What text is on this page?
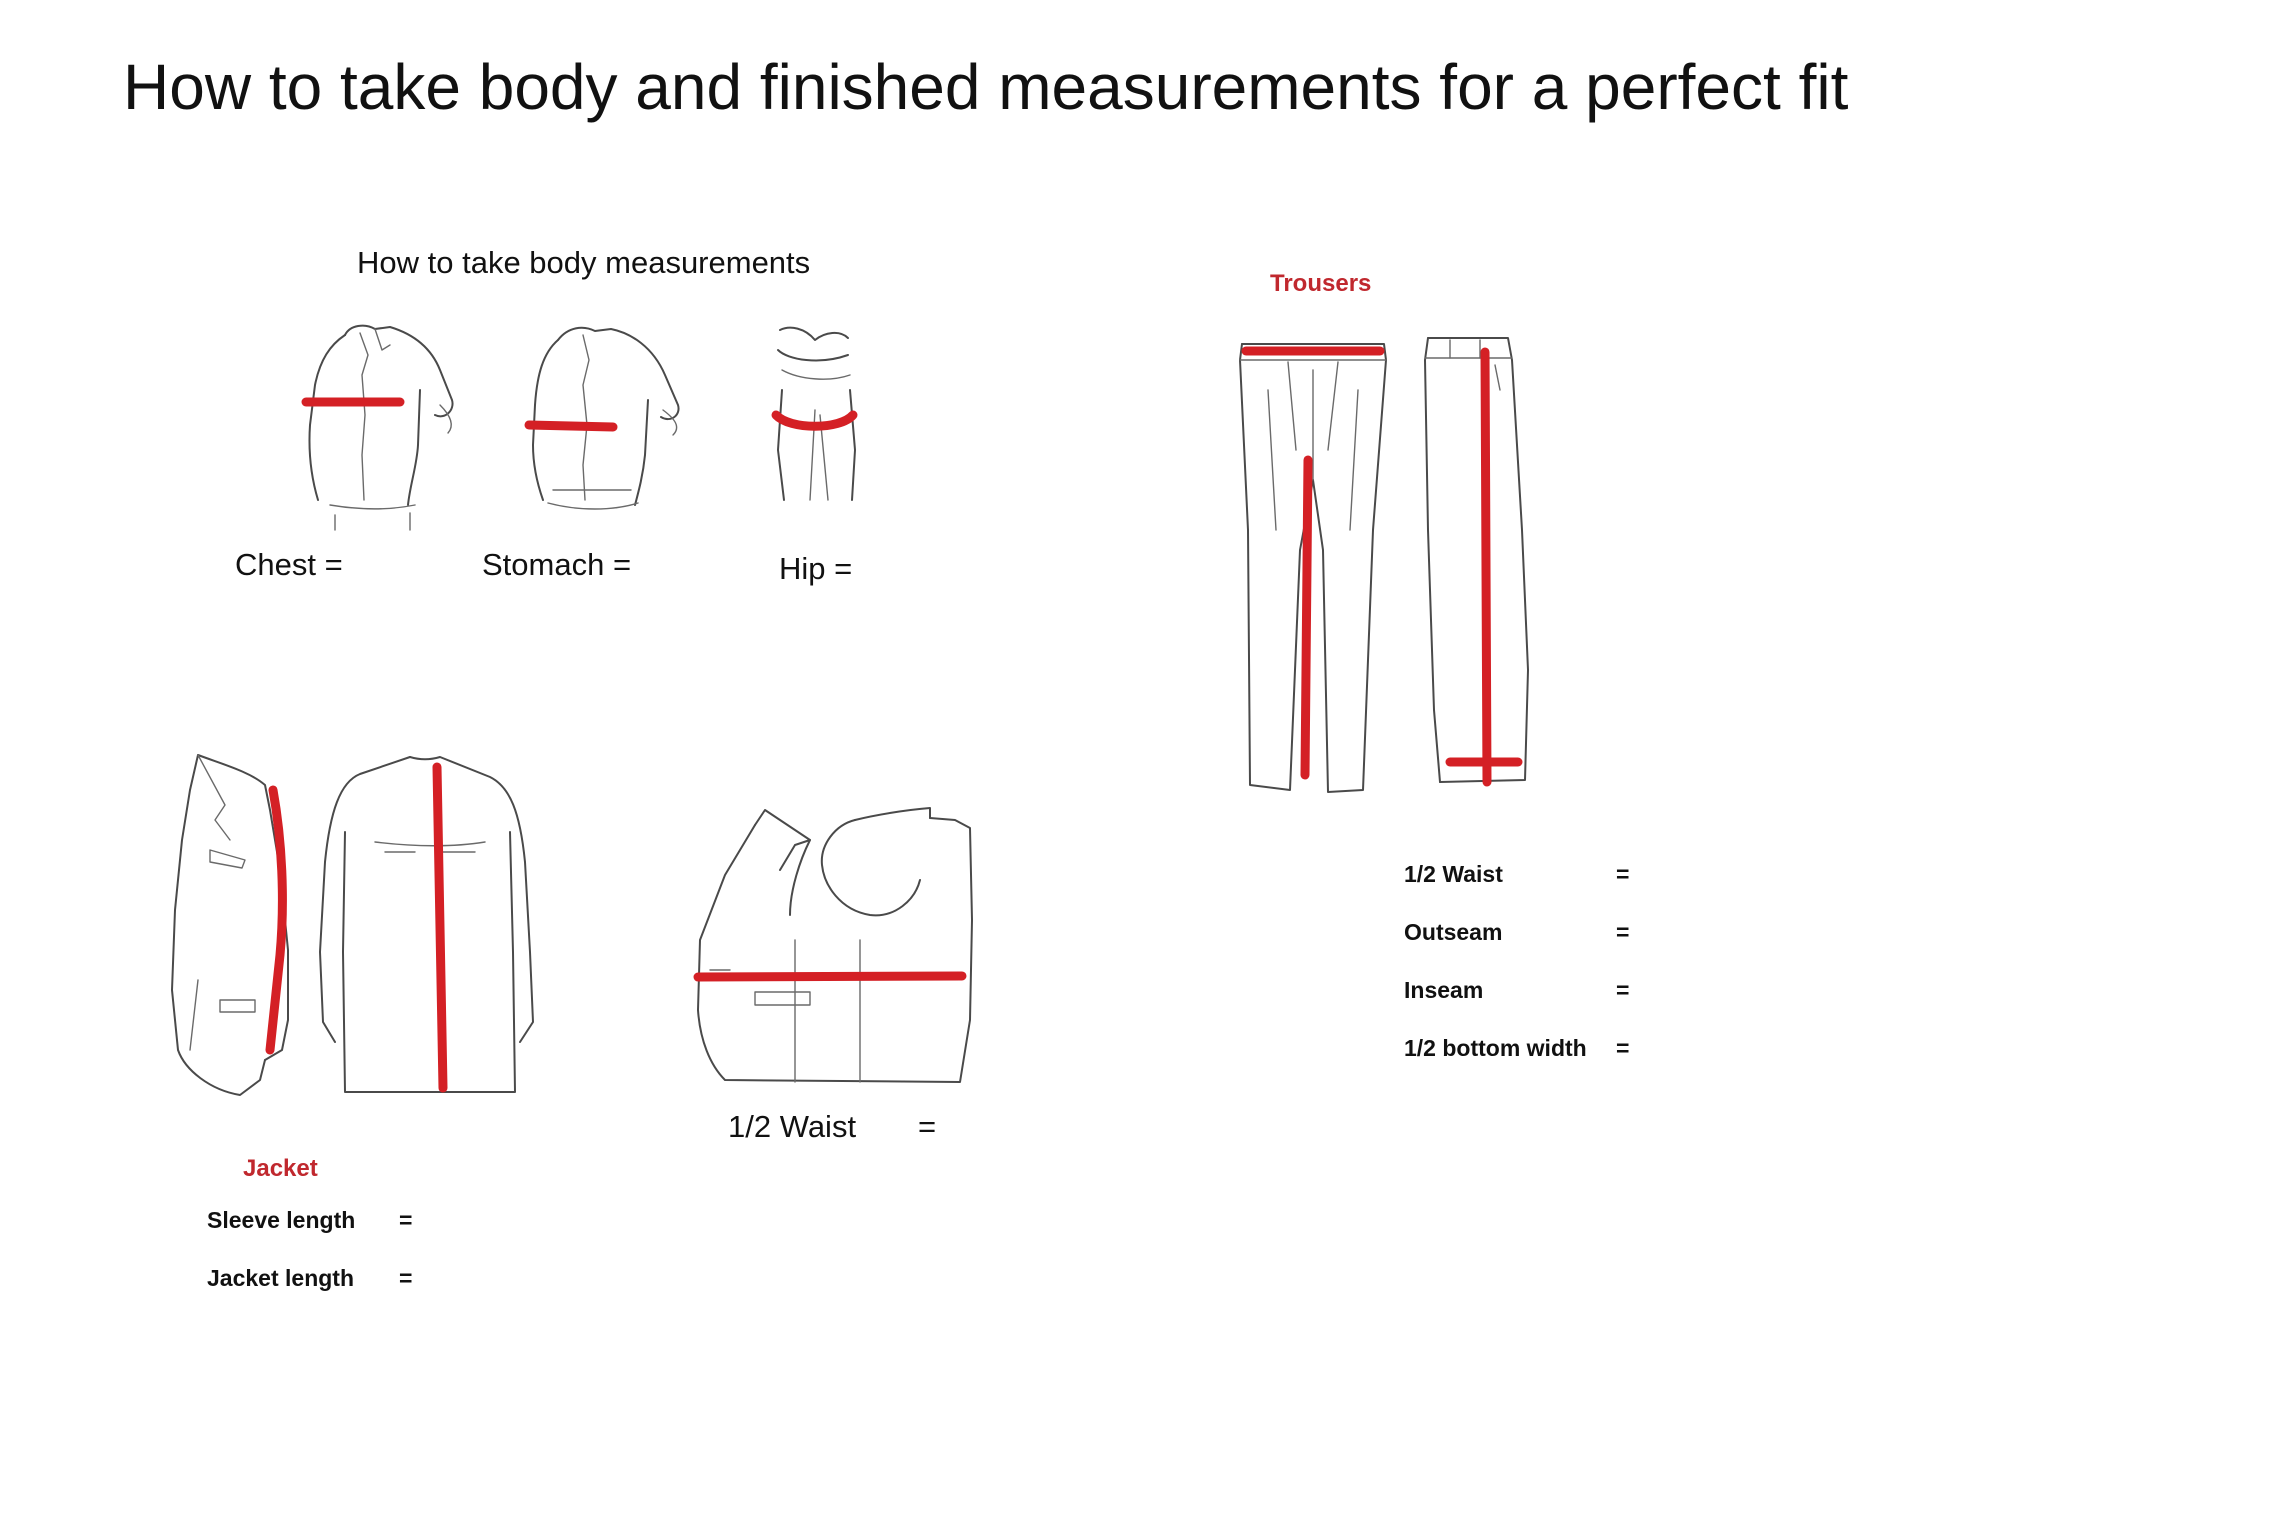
How to take body and finished measurements for a perfect fit
How to take body measurements
Chest =	Stomach =	Hip =
1/2 Waist =
Jacket
Sleeve length =
Jacket length =
Trousers
1/2 Waist	=
Outseam	=
Inseam	=
1/2 bottom width =
